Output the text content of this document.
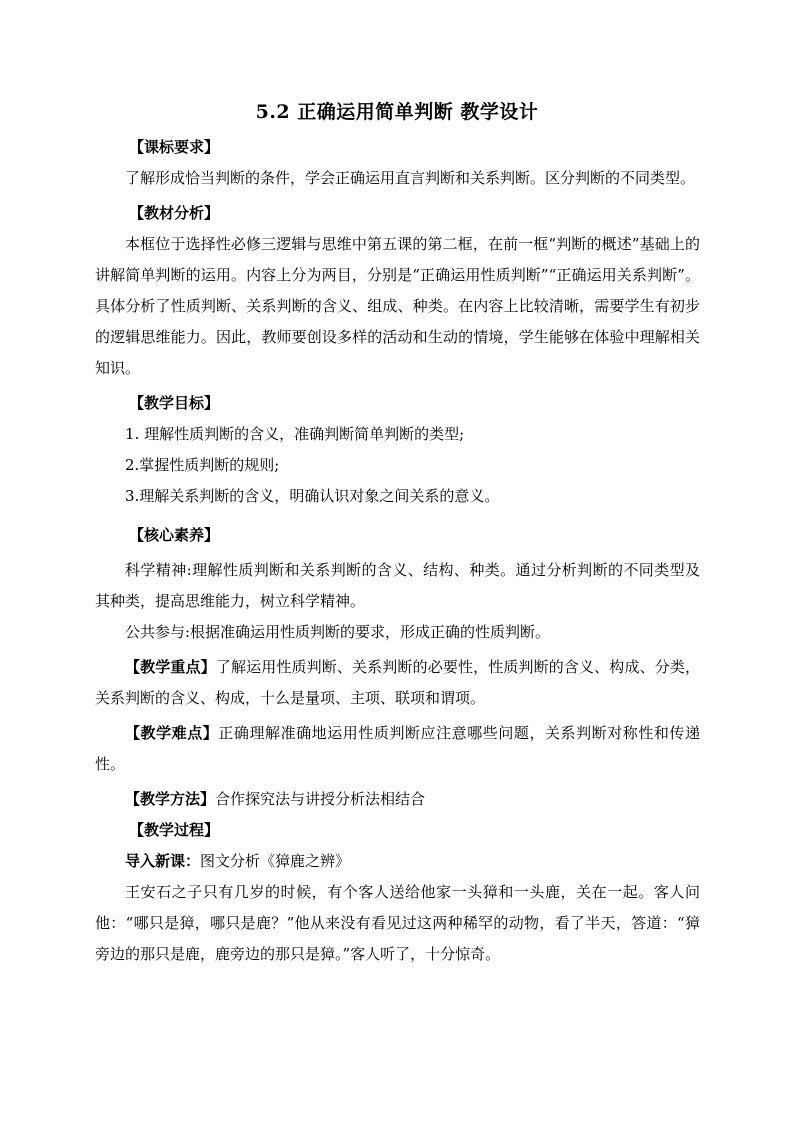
5.2 正确运用简单判断 教学设计

【课标要求】

了解形成恰当判断的条件，学会正确运用直言判断和关系判断。区分判断的不同类型。

【教材分析】

本框位于选择性必修三逻辑与思维中第五课的第二框，在前一框“判断的概述”基础上的讲解简单判断的运用。内容上分为两目，分别是“正确运用性质判断”“正确运用关系判断”。具体分析了性质判断、关系判断的含义、组成、种类。在内容上比较清晰，需要学生有初步的逻辑思维能力。因此，教师要创设多样的活动和生动的情境，学生能够在体验中理解相关知识。

【教学目标】

1. 理解性质判断的含义，准确判断简单判断的类型;

2.掌握性质判断的规则;

3.理解关系判断的含义，明确认识对象之间关系的意义。

【核心素养】

科学精神:理解性质判断和关系判断的含义、结构、种类。通过分析判断的不同类型及其种类，提高思维能力，树立科学精神。

公共参与:根据准确运用性质判断的要求，形成正确的性质判断。

【教学重点】了解运用性质判断、关系判断的必要性，性质判断的含义、构成、分类，关系判断的含义、构成，十么是量项、主项、联项和谓项。

【教学难点】正确理解准确地运用性质判断应注意哪些问题，关系判断对称性和传递性。

【教学方法】合作探究法与讲授分析法相结合

【教学过程】

导入新课：图文分析《獐鹿之辨》

王安石之子只有几岁的时候，有个客人送给他家一头獐和一头鹿，关在一起。客人问他：“哪只是獐，哪只是鹿？”他从来没有看见过这两种稀罕的动物，看了半天，答道：“獐旁边的那只是鹿，鹿旁边的那只是獐。”客人听了，十分惊奇。
